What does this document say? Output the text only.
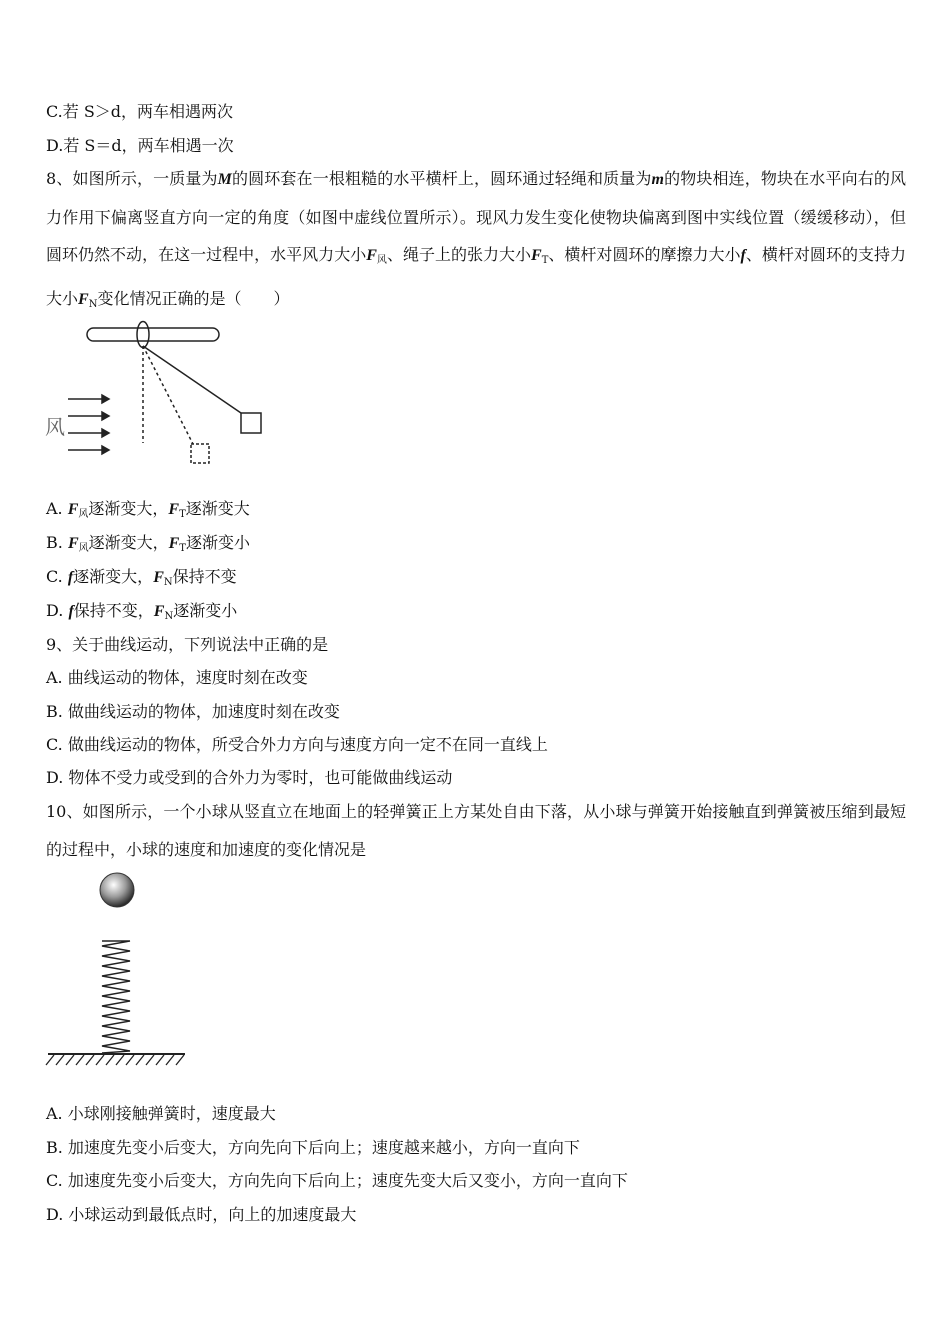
C.若 S＞d，两车相遇两次
D.若 S＝d，两车相遇一次
8、如图所示，一质量为M的圆环套在一根粗糙的水平横杆上，圆环通过轻绳和质量为m的物块相连，物块在水平向右的风力作用下偏离竖直方向一定的角度（如图中虚线位置所示）。现风力发生变化使物块偏离到图中实线位置（缓缓移动），但圆环仍然不动，在这一过程中，水平风力大小$F_风$、绳子上的张力大小$F_T$、横杆对圆环的摩擦力大小f、横杆对圆环的支持力大小$F_N$变化情况正确的是（　　）
风
A. $F_风$逐渐变大，$F_T$逐渐变大
B. $F_风$逐渐变大，$F_T$逐渐变小
C. f逐渐变大，$F_N$保持不变
D. f保持不变，$F_N$逐渐变小
9、关于曲线运动，下列说法中正确的是
A. 曲线运动的物体，速度时刻在改变
B. 做曲线运动的物体，加速度时刻在改变
C. 做曲线运动的物体，所受合外力方向与速度方向一定不在同一直线上
D. 物体不受力或受到的合外力为零时，也可能做曲线运动
10、如图所示，一个小球从竖直立在地面上的轻弹簧正上方某处自由下落，从小球与弹簧开始接触直到弹簧被压缩到最短的过程中，小球的速度和加速度的变化情况是
A. 小球刚接触弹簧时，速度最大
B. 加速度先变小后变大，方向先向下后向上；速度越来越小，方向一直向下
C. 加速度先变小后变大，方向先向下后向上；速度先变大后又变小，方向一直向下
D. 小球运动到最低点时，向上的加速度最大
